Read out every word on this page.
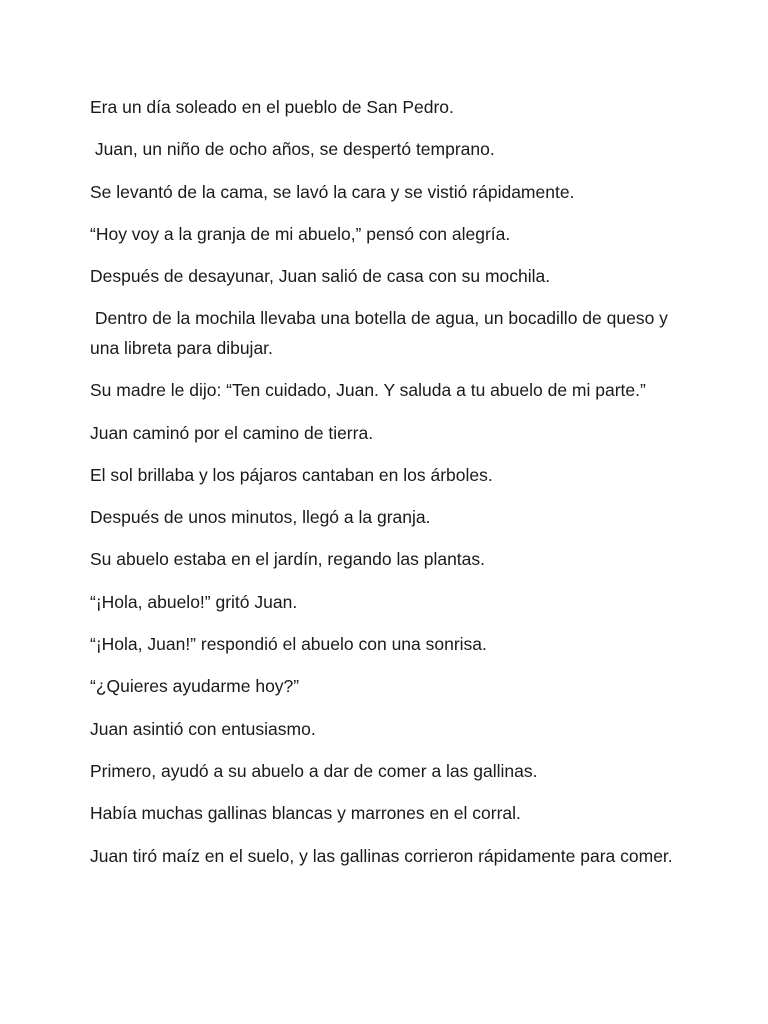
Era un día soleado en el pueblo de San Pedro.

Juan, un niño de ocho años, se despertó temprano.

Se levantó de la cama, se lavó la cara y se vistió rápidamente.

“Hoy voy a la granja de mi abuelo,” pensó con alegría.

Después de desayunar, Juan salió de casa con su mochila.

Dentro de la mochila llevaba una botella de agua, un bocadillo de queso y una libreta para dibujar.

Su madre le dijo: “Ten cuidado, Juan. Y saluda a tu abuelo de mi parte.”

Juan caminó por el camino de tierra.

El sol brillaba y los pájaros cantaban en los árboles.

Después de unos minutos, llegó a la granja.

Su abuelo estaba en el jardín, regando las plantas.

“¡Hola, abuelo!” gritó Juan.

“¡Hola, Juan!” respondió el abuelo con una sonrisa.

“¿Quieres ayudarme hoy?”

Juan asintió con entusiasmo.

Primero, ayudó a su abuelo a dar de comer a las gallinas.

Había muchas gallinas blancas y marrones en el corral.

Juan tiró maíz en el suelo, y las gallinas corrieron rápidamente para comer.
